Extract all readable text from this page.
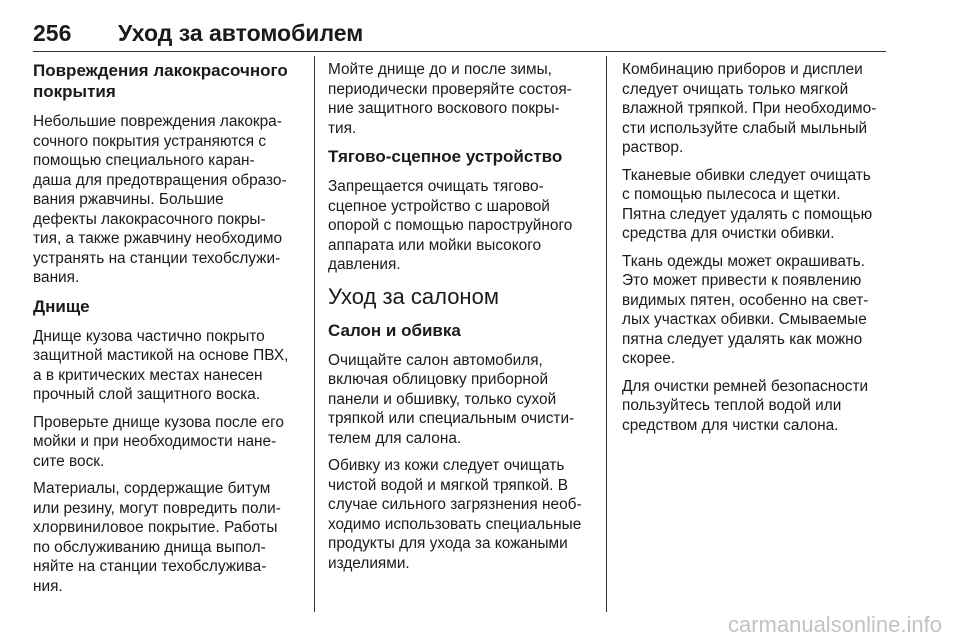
256	Уход за автомобилем
Повреждения лакокрасочного
покрытия

Небольшие повреждения лакокра-
сочного покрытия устраняются с
помощью специального каран-
даша для предотвращения образо-
вания ржавчины. Большие
дефекты лакокрасочного покры-
тия, а также ржавчину необходимо
устранять на станции техобслужи-
вания.

Днище

Днище кузова частично покрыто
защитной мастикой на основе ПВХ,
а в критических местах нанесен
прочный слой защитного воска.

Проверьте днище кузова после его
мойки и при необходимости нане-
сите воск.

Материалы, сордержащие битум
или резину, могут повредить поли-
хлорвиниловое покрытие. Работы
по обслуживанию днища выпол-
няйте на станции техобслужива-
ния.

Мойте днище до и после зимы,
периодически проверяйте состоя-
ние защитного воскового покры-
тия.

Тягово-сцепное устройство

Запрещается очищать тягово-
сцепное устройство с шаровой
опорой с помощью пароструйного
аппарата или мойки высокого
давления.

Уход за салоном
Салон и обивка

Очищайте салон автомобиля,
включая облицовку приборной
панели и обшивку, только сухой
тряпкой или специальным очисти-
телем для салона.

Обивку из кожи следует очищать
чистой водой и мягкой тряпкой. В
случае сильного загрязнения необ-
ходимо использовать специальные
продукты для ухода за кожаными
изделиями.

Комбинацию приборов и дисплеи
следует очищать только мягкой
влажной тряпкой. При необходимо-
сти используйте слабый мыльный
раствор.

Тканевые обивки следует очищать
с помощью пылесоса и щетки.
Пятна следует удалять с помощью
средства для очистки обивки.

Ткань одежды может окрашивать.
Это может привести к появлению
видимых пятен, особенно на свет-
лых участках обивки. Смываемые
пятна следует удалять как можно
скорее.

Для очистки ремней безопасности
пользуйтесь теплой водой или
средством для чистки салона.

carmanualsonline.info
